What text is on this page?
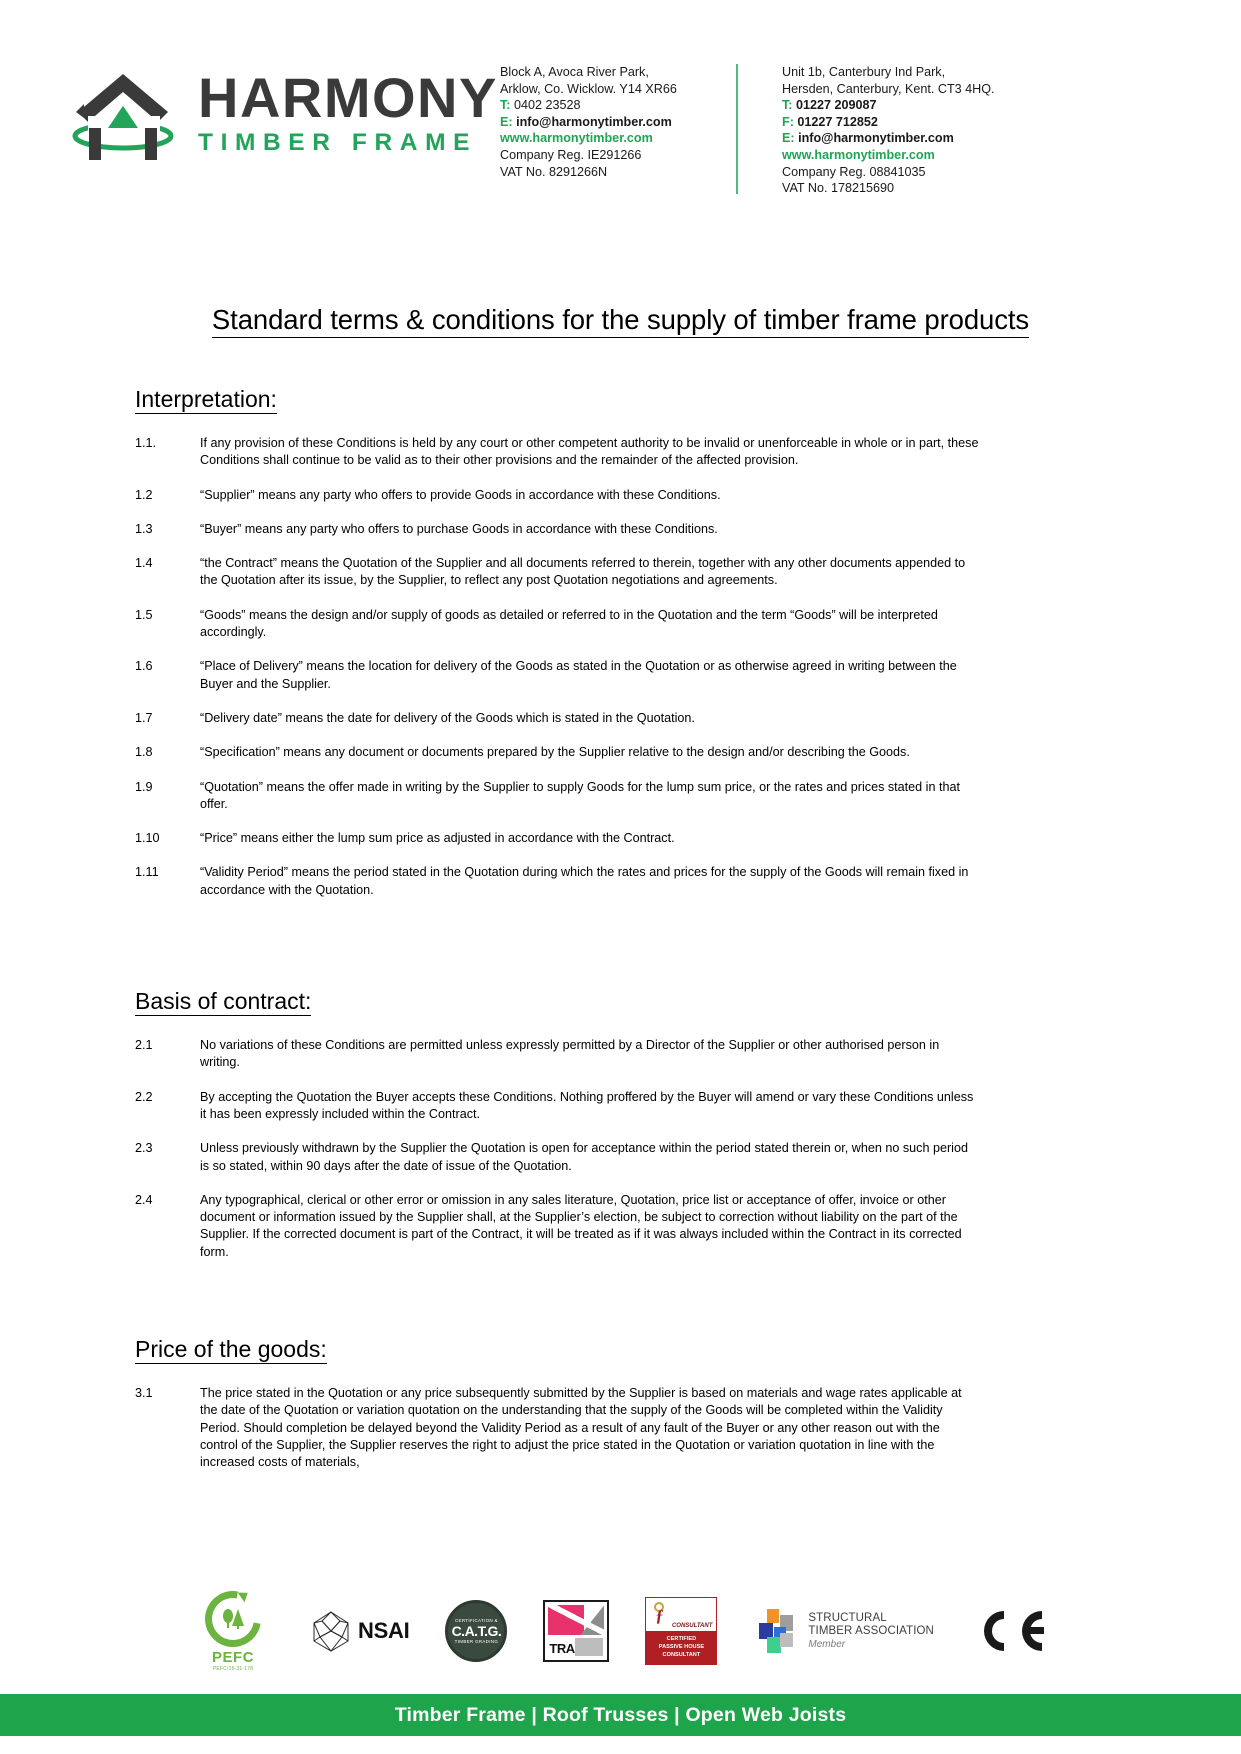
HARMONY
TIMBER FRAME
Block A, Avoca River Park,
Arklow, Co. Wicklow. Y14 XR66
T: 0402 23528
E: info@harmonytimber.com
www.harmonytimber.com
Company Reg. IE291266
VAT No. 8291266N
Unit 1b, Canterbury Ind Park,
Hersden, Canterbury, Kent. CT3 4HQ.
T: 01227 209087
F: 01227 712852
E: info@harmonytimber.com
www.harmonytimber.com
Company Reg. 08841035
VAT No. 178215690
Standard terms & conditions for the supply of timber frame products
Interpretation:
1.1.	If any provision of these Conditions is held by any court or other competent authority to be invalid or unenforceable in whole or in part, these Conditions shall continue to be valid as to their other provisions and the remainder of the affected provision.
1.2	“Supplier” means any party who offers to provide Goods in accordance with these Conditions.
1.3	“Buyer” means any party who offers to purchase Goods in accordance with these Conditions.
1.4	“the Contract” means the Quotation of the Supplier and all documents referred to therein, together with any other documents appended to the Quotation after its issue, by the Supplier, to reflect any post Quotation negotiations and agreements.
1.5	“Goods” means the design and/or supply of goods as detailed or referred to in the Quotation and the term “Goods” will be interpreted accordingly.
1.6	“Place of Delivery” means the location for delivery of the Goods as stated in the Quotation or as otherwise agreed in writing between the Buyer and the Supplier.
1.7	“Delivery date” means the date for delivery of the Goods which is stated in the Quotation.
1.8	“Specification” means any document or documents prepared by the Supplier relative to the design and/or describing the Goods.
1.9	“Quotation” means the offer made in writing by the Supplier to supply Goods for the lump sum price, or the rates and prices stated in that offer.
1.10	“Price” means either the lump sum price as adjusted in accordance with the Contract.
1.11	“Validity Period” means the period stated in the Quotation during which the rates and prices for the supply of the Goods will remain fixed in accordance with the Quotation.
Basis of contract:
2.1	No variations of these Conditions are permitted unless expressly permitted by a Director of the Supplier or other authorised person in writing.
2.2	By accepting the Quotation the Buyer accepts these Conditions. Nothing proffered by the Buyer will amend or vary these Conditions unless it has been expressly included within the Contract.
2.3	Unless previously withdrawn by the Supplier the Quotation is open for acceptance within the period stated therein or, when no such period is so stated, within 90 days after the date of issue of the Quotation.
2.4	Any typographical, clerical or other error or omission in any sales literature, Quotation, price list or acceptance of offer, invoice or other document or information issued by the Supplier shall, at the Supplier’s election, be subject to correction without liability on the part of the Supplier. If the corrected document is part of the Contract, it will be treated as if it was always included within the Contract in its corrected form.
Price of the goods:
3.1	The price stated in the Quotation or any price subsequently submitted by the Supplier is based on materials and wage rates applicable at the date of the Quotation or variation quotation on the understanding that the supply of the Goods will be completed within the Validity Period. Should completion be delayed beyond the Validity Period as a result of any fault of the Buyer or any other reason out with the control of the Supplier, the Supplier reserves the right to adjust the price stated in the Quotation or variation quotation in line with the increased costs of materials,
PEFC
PEFC/16-31-178
NSAI	CERTIFICATION &
C.A.T.G.
TIMBER GRADING	TRA
ƒ
CONSULTANT
CERTIFIED
PASSIVE HOUSE
CONSULTANT
STRUCTURAL
TIMBER ASSOCIATION
Member
Timber Frame | Roof Trusses | Open Web Joists
